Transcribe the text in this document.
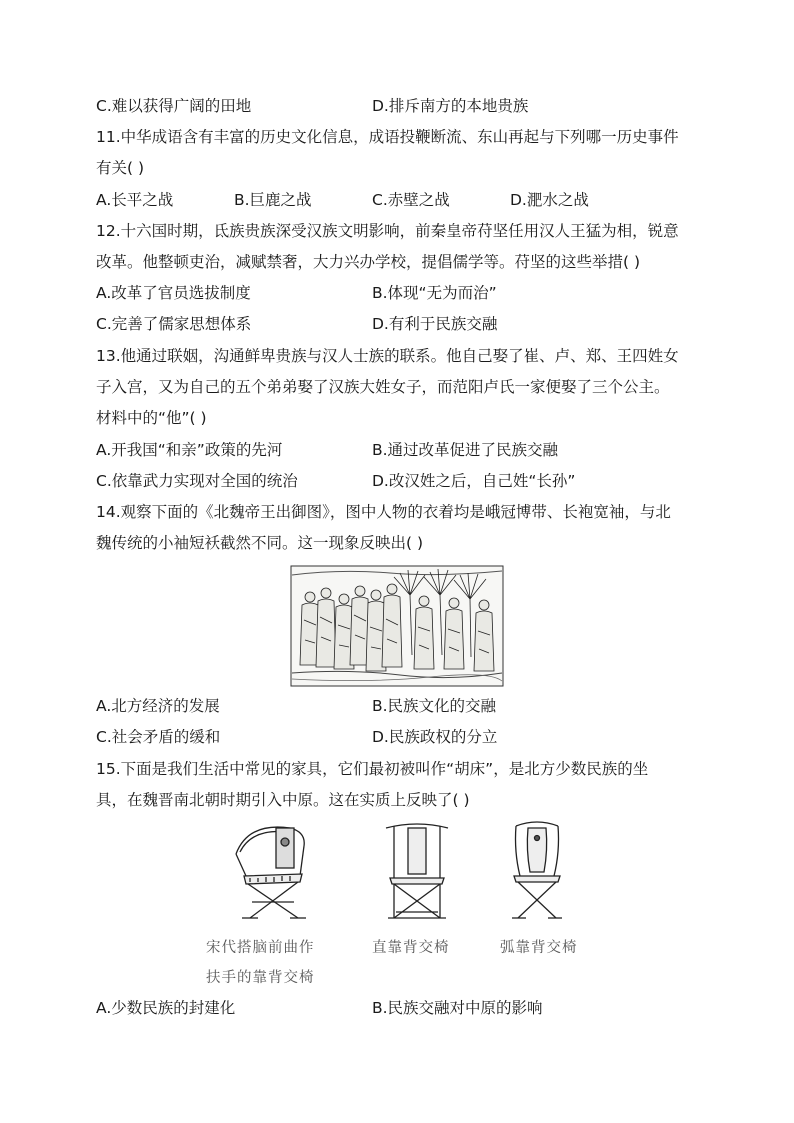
C.难以获得广阔的田地	D.排斥南方的本地贵族
11.中华成语含有丰富的历史文化信息，成语投鞭断流、东山再起与下列哪一历史事件
有关( )
A.长平之战	B.巨鹿之战	C.赤壁之战	D.淝水之战
12.十六国时期，氐族贵族深受汉族文明影响，前秦皇帝苻坚任用汉人王猛为相，锐意
改革。他整顿吏治，减赋禁奢，大力兴办学校，提倡儒学等。苻坚的这些举措( )
A.改革了官员选拔制度	B.体现“无为而治”
C.完善了儒家思想体系	D.有利于民族交融
13.他通过联姻，沟通鲜卑贵族与汉人士族的联系。他自己娶了崔、卢、郑、王四姓女
子入宫，又为自己的五个弟弟娶了汉族大姓女子，而范阳卢氏一家便娶了三个公主。
材料中的“他”( )
A.开我国“和亲”政策的先河	B.通过改革促进了民族交融
C.依靠武力实现对全国的统治	D.改汉姓之后，自己姓“长孙”
14.观察下面的《北魏帝王出御图》，图中人物的衣着均是峨冠博带、长袍宽袖，与北
魏传统的小袖短袄截然不同。这一现象反映出( )
A.北方经济的发展	B.民族文化的交融
C.社会矛盾的缓和	D.民族政权的分立
15.下面是我们生活中常见的家具，它们最初被叫作“胡床”，是北方少数民族的坐
具，在魏晋南北朝时期引入中原。这在实质上反映了( )
宋代搭脑前曲作
扶手的靠背交椅
直靠背交椅	弧靠背交椅
A.少数民族的封建化	B.民族交融对中原的影响
